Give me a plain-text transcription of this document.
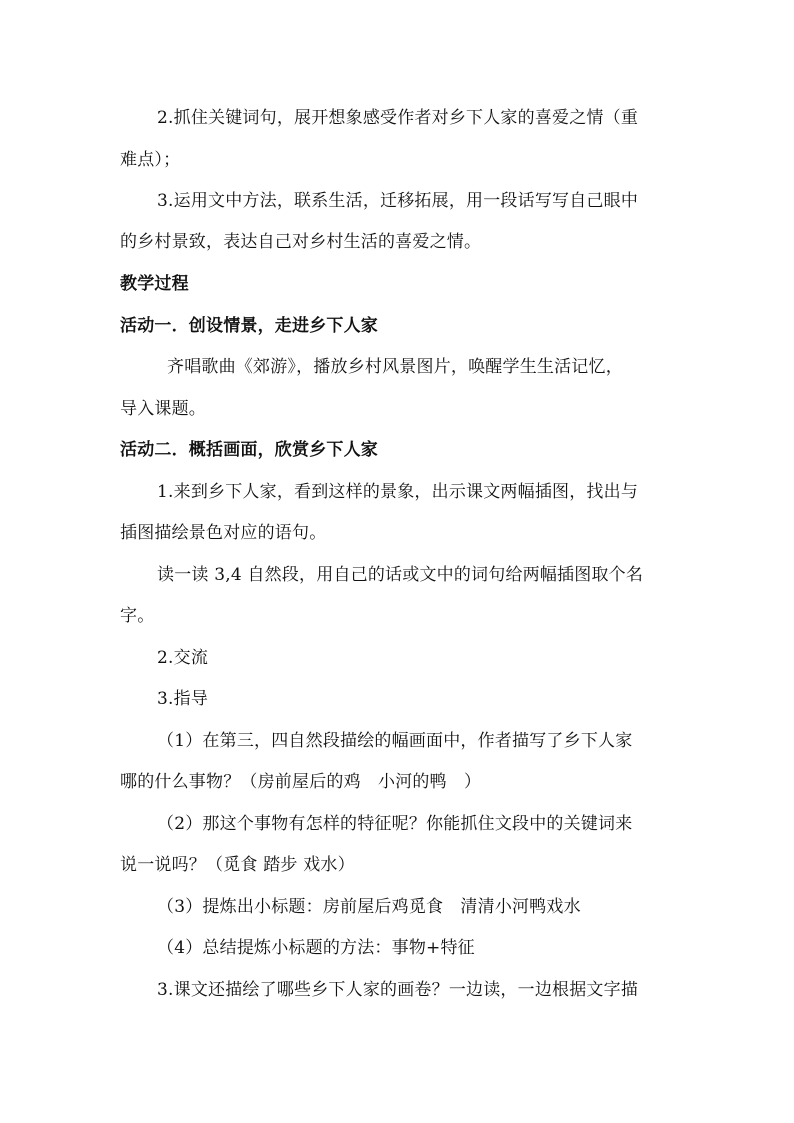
2.抓住关键词句，展开想象感受作者对乡下人家的喜爱之情（重
难点）；
3.运用文中方法，联系生活，迁移拓展，用一段话写写自己眼中
的乡村景致，表达自己对乡村生活的喜爱之情。
教学过程
活动一．创设情景，走进乡下人家
齐唱歌曲《郊游》，播放乡村风景图片，唤醒学生生活记忆，
导入课题。
活动二．概括画面，欣赏乡下人家
1.来到乡下人家，看到这样的景象，出示课文两幅插图，找出与
插图描绘景色对应的语句。
读一读 3,4 自然段，用自己的话或文中的词句给两幅插图取个名
字。
2.交流
3.指导
（1）在第三，四自然段描绘的幅画面中，作者描写了乡下人家
哪的什么事物？（房前屋后的鸡　小河的鸭　）
（2）那这个事物有怎样的特征呢？你能抓住文段中的关键词来
说一说吗？（觅食 踏步 戏水）
（3）提炼出小标题：房前屋后鸡觅食　清清小河鸭戏水
（4）总结提炼小标题的方法：事物+特征
3.课文还描绘了哪些乡下人家的画卷？一边读，一边根据文字描
